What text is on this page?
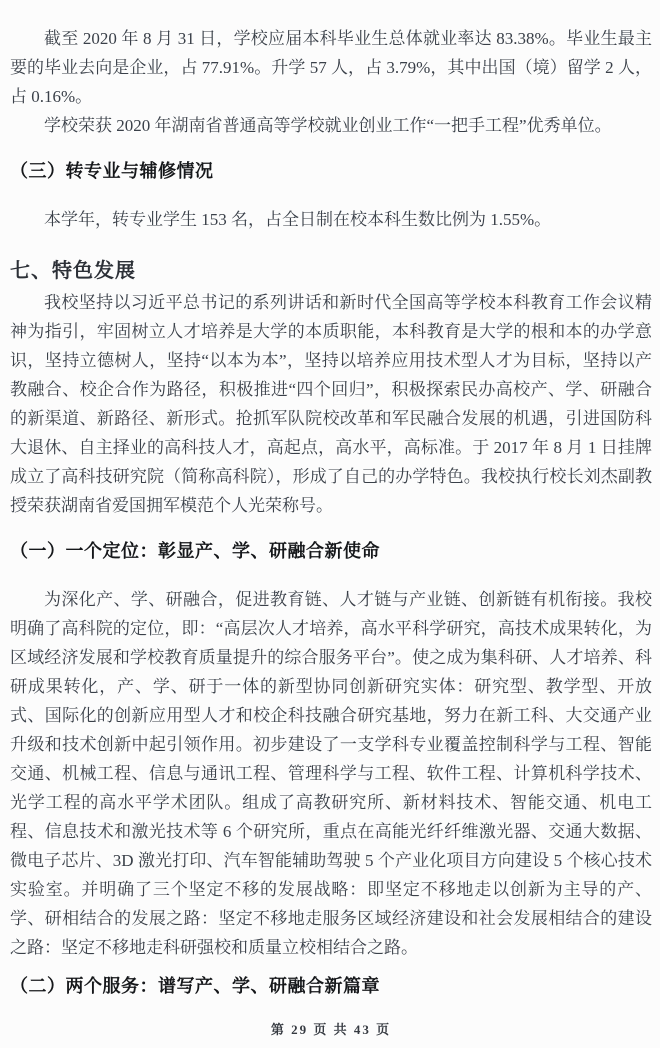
截至 2020 年 8 月 31 日，学校应届本科毕业生总体就业率达 83.38%。毕业生最主要的毕业去向是企业，占 77.91%。升学 57 人，占 3.79%，其中出国（境）留学 2 人，占 0.16%。

学校荣获 2020 年湖南省普通高等学校就业创业工作“一把手工程”优秀单位。

（三）转专业与辅修情况

本学年，转专业学生 153 名，占全日制在校本科生数比例为 1.55%。

七、特色发展

我校坚持以习近平总书记的系列讲话和新时代全国高等学校本科教育工作会议精神为指引，牢固树立人才培养是大学的本质职能，本科教育是大学的根和本的办学意识，坚持立德树人，坚持“以本为本”，坚持以培养应用技术型人才为目标，坚持以产教融合、校企合作为路径，积极推进“四个回归”，积极探索民办高校产、学、研融合的新渠道、新路径、新形式。抢抓军队院校改革和军民融合发展的机遇，引进国防科大退休、自主择业的高科技人才，高起点，高水平，高标准。于 2017 年 8 月 1 日挂牌成立了高科技研究院（简称高科院），形成了自己的办学特色。我校执行校长刘杰副教授荣获湖南省爱国拥军模范个人光荣称号。

（一）一个定位：彰显产、学、研融合新使命

为深化产、学、研融合，促进教育链、人才链与产业链、创新链有机衔接。我校明确了高科院的定位，即：“高层次人才培养，高水平科学研究，高技术成果转化，为区域经济发展和学校教育质量提升的综合服务平台”。使之成为集科研、人才培养、科研成果转化，产、学、研于一体的新型协同创新研究实体：研究型、教学型、开放式、国际化的创新应用型人才和校企科技融合研究基地，努力在新工科、大交通产业升级和技术创新中起引领作用。初步建设了一支学科专业覆盖控制科学与工程、智能交通、机械工程、信息与通讯工程、管理科学与工程、软件工程、计算机科学技术、光学工程的高水平学术团队。组成了高教研究所、新材料技术、智能交通、机电工程、信息技术和激光技术等 6 个研究所，重点在高能光纤纤维激光器、交通大数据、微电子芯片、3D 激光打印、汽车智能辅助驾驶 5 个产业化项目方向建设 5 个核心技术实验室。并明确了三个坚定不移的发展战略：即坚定不移地走以创新为主导的产、学、研相结合的发展之路：坚定不移地走服务区域经济建设和社会发展相结合的建设之路：坚定不移地走科研强校和质量立校相结合之路。

（二）两个服务：谱写产、学、研融合新篇章
第 29 页 共 43 页
